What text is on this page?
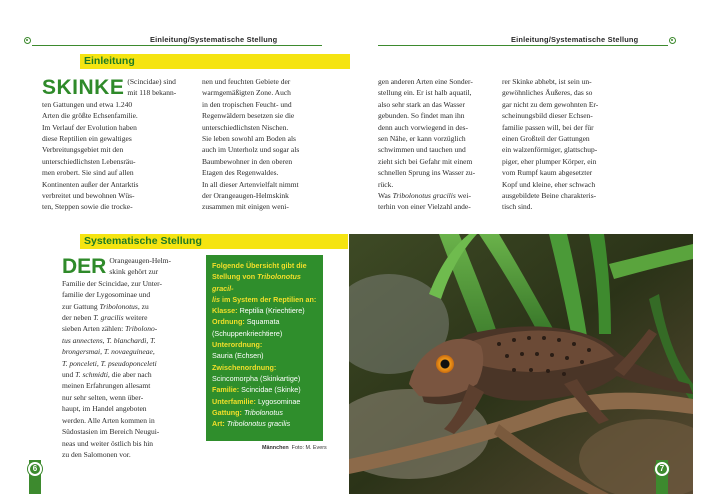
Einleitung/Systematische Stellung	Einleitung/Systematische Stellung
Einleitung
SKINKE (Scincidae) sind
mit 118 bekann-
ten Gattungen und etwa 1.240
Arten die größte Echsenfamilie.
Im Verlauf der Evolution haben
diese Reptilien ein gewaltiges
Verbreitungsgebiet mit den
unterschiedlichsten Lebensräu-
men erobert. Sie sind auf allen
Kontinenten außer der Antarktis
verbreitet und bewohnen Wüs-
ten, Steppen sowie die trocke-
nen und feuchten Gebiete der
warmgemäßigten Zone. Auch
in den tropischen Feucht- und
Regenwäldern besetzen sie die
unterschiedlichsten Nischen.
Sie leben sowohl am Boden als
auch im Unterholz und sogar als
Baumbewohner in den oberen
Etagen des Regenwaldes.
In all dieser Artenvielfalt nimmt
der Orangeaugen-Helmskink
zusammen mit einigen weni-
gen anderen Arten eine Sonder-
stellung ein. Er ist halb aquatil,
also sehr stark an das Wasser
gebunden. So findet man ihn
denn auch vorwiegend in des-
sen Nähe, er kann vorzüglich
schwimmen und tauchen und
zieht sich bei Gefahr mit einem
schnellen Sprung ins Wasser zu-
rück.
Was Tribolonotus gracilis wei-
terhin von einer Vielzahl ande-
rer Skinke abhebt, ist sein un-
gewöhnliches Äußeres, das so
gar nicht zu dem gewohnten Er-
scheinungsbild dieser Echsen-
familie passen will, bei der für
einen Großteil der Gattungen
ein walzenförmiger, glattschup-
piger, eher plumper Körper, ein
vom Rumpf kaum abgesetzter
Kopf und kleine, eher schwach
ausgebildete Beine charakteris-
tisch sind.
Systematische Stellung
DER Orangeaugen-Helm-
skink gehört zur
Familie der Scincidae, zur Unter-
familie der Lygosominae und
zur Gattung Tribolonotus, zu
der neben T. gracilis weitere
sieben Arten zählen: Tribolono-
tus annectens, T. blanchardi, T.
brongersmai, T. novaeguineae,
T. ponceleti, T. pseudoponceleti
und T. schmidti, die aber nach
meinen Erfahrungen allesamt
nur sehr selten, wenn über-
haupt, im Handel angeboten
werden. Alle Arten kommen in
Südostasien im Bereich Neugui-
neas und weiter östlich bis hin
zu den Salomonen vor.
Folgende Übersicht gibt die
Stellung von Tribolonotus gracil-
lis im System der Reptilien an:
Klasse: Reptilia (Kriechtiere)
Ordnung: Squamata
(Schuppenkriechtiere)
Unterordnung:
Sauria (Echsen)
Zwischenordnung:
Scincomorpha (Skinkartige)
Familie: Scincidae (Skinke)
Unterfamilie: Lygosominae
Gattung: Tribolonotus
Art: Tribolonotus gracilis
Männchen Foto: M. Evers
6	7
